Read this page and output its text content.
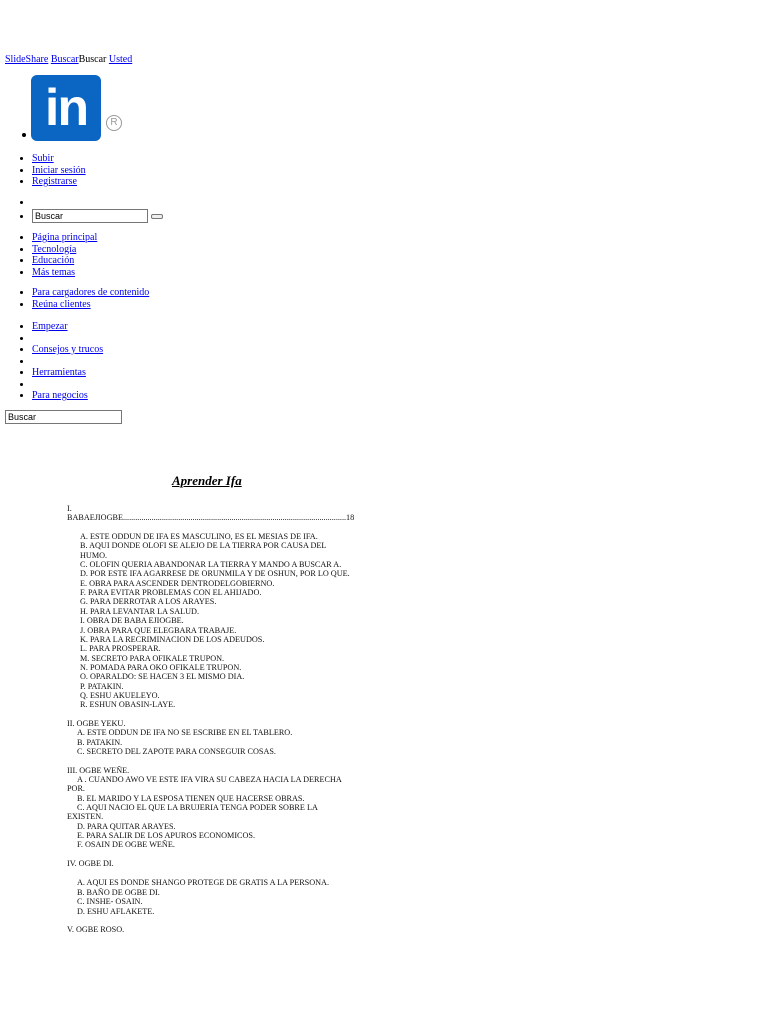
SlideShare BuscarBuscar Usted
in	R
• Subir
• Iniciar sesión
• Registrarse
•
• Buscar
• Página principal
• Tecnología
• Educación
• Más temas
• Para cargadores de contenido
• Reúna clientes
• Empezar
•
• Consejos y trucos
•
• Herramientas
•
• Para negocios
Buscar
Aprender Ifa
I.
BABAEJIOGBE.............................................................................................................18
A. ESTE ODDUN DE IFA ES MASCULINO, ES EL MESIAS DE IFA.
B. AQUI DONDE OLOFI SE ALEJO DE LA TIERRA POR CAUSA DEL
HUMO.
C. OLOFIN QUERIA ABANDONAR LA TIERRA Y MANDO A BUSCAR A.
D. POR ESTE IFA AGARRESE DE ORUNMILA Y DE OSHUN, POR LO QUE.
E. OBRA PARA ASCENDER DENTRODELGOBIERNO.
F. PARA EVITAR PROBLEMAS CON EL AHIJADO.
G. PARA DERROTAR A LOS ARAYES.
H. PARA LEVANTAR LA SALUD.
I. OBRA DE BABA EJIOGBE.
J. OBRA PARA QUE ELEGBARA TRABAJE.
K. PARA LA RECRIMINACION DE LOS ADEUDOS.
L. PARA PROSPERAR.
M. SECRETO PARA OFIKALE TRUPON.
N. POMADA PARA OKO OFIKALE TRUPON.
O. OPARALDO: SE HACEN 3 EL MISMO DIA.
P. PATAKIN.
Q. ESHU AKUELEYO.
R. ESHUN OBASIN-LAYE.
II. OGBE YEKU.
A. ESTE ODDUN DE IFA NO SE ESCRIBE EN EL TABLERO.
B. PATAKIN.
C. SECRETO DEL ZAPOTE PARA CONSEGUIR COSAS.
III. OGBE WEÑE.
A . CUANDO AWO VE ESTE IFA VIRA SU CABEZA HACIA LA DERECHA
POR.
B. EL MARIDO Y LA ESPOSA TIENEN QUE HACERSE OBRAS.
C. AQUI NACIO EL QUE LA BRUJERIA TENGA PODER SOBRE LA
EXISTEN.
D. PARA QUITAR ARAYES.
E. PARA SALIR DE LOS APUROS ECONOMICOS.
F. OSAIN DE OGBE WEÑE.
IV. OGBE DI.
A. AQUI ES DONDE SHANGO PROTEGE DE GRATIS A LA PERSONA.
B. BAÑO DE OGBE DI.
C. INSHE- OSAIN.
D. ESHU AFLAKETE.
V. OGBE ROSO.
